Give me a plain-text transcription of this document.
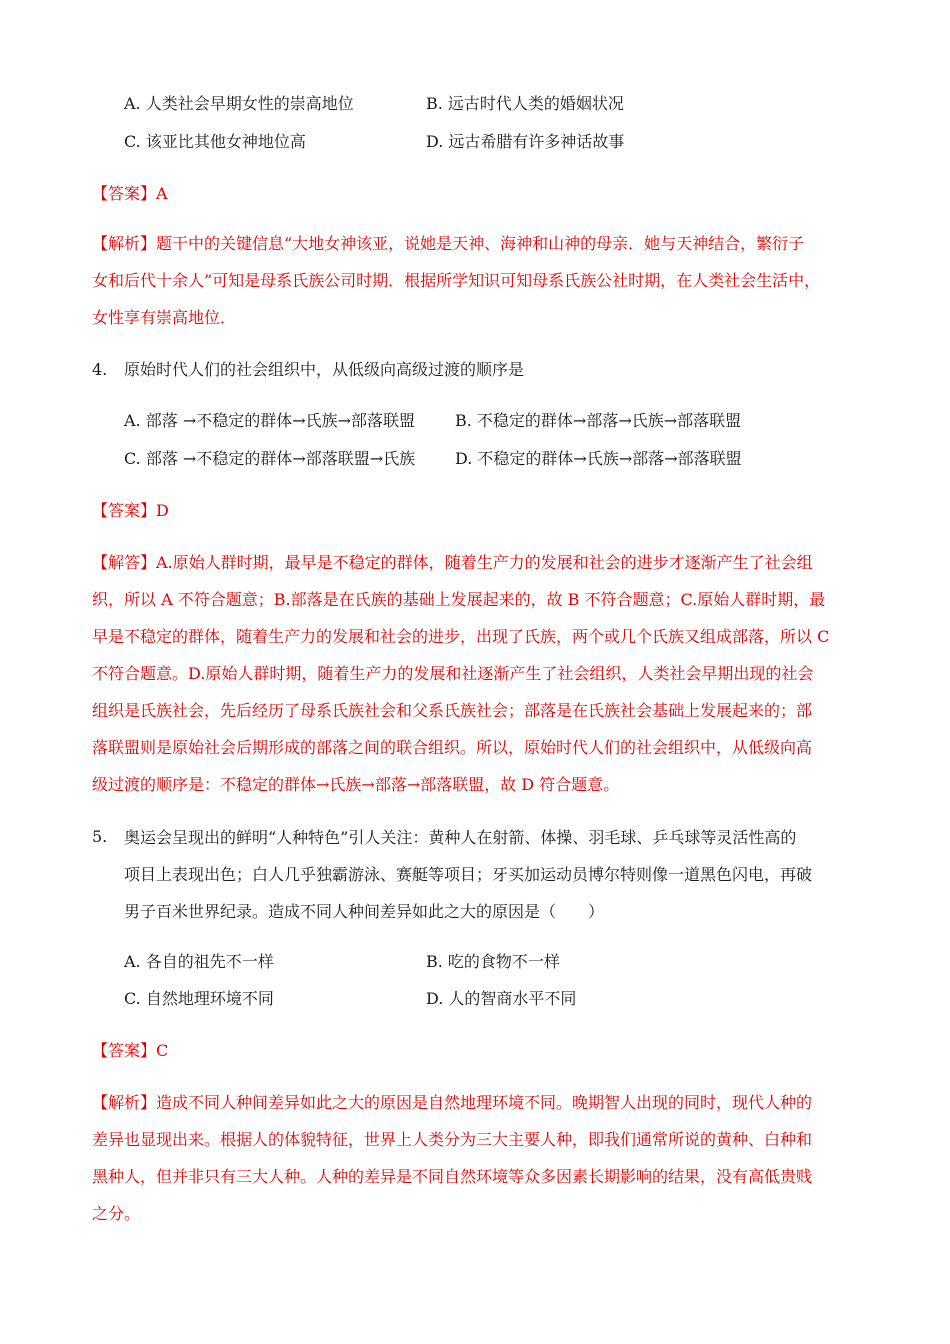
A. 人类社会早期女性的崇高地位	B. 远古时代人类的婚姻状况
C. 该亚比其他女神地位高	D. 远古希腊有许多神话故事
【答案】A

【解析】题干中的关键信息“大地女神该亚，说她是天神、海神和山神的母亲．她与天神结合，繁衍子

女和后代十余人”可知是母系氏族公司时期．根据所学知识可知母系氏族公社时期，在人类社会生活中，

女性享有崇高地位．

4. 原始时代人们的社会组织中，从低级向高级过渡的顺序是
A. 部落 →不稳定的群体→氏族→部落联盟 B. 不稳定的群体→部落→氏族→部落联盟
C. 部落 →不稳定的群体→部落联盟→氏族 D. 不稳定的群体→氏族→部落→部落联盟
【答案】D

【解答】A.原始人群时期，最早是不稳定的群体，随着生产力的发展和社会的进步才逐渐产生了社会组

织，所以 A 不符合题意；B.部落是在氏族的基础上发展起来的，故 B 不符合题意；C.原始人群时期，最

早是不稳定的群体，随着生产力的发展和社会的进步，出现了氏族，两个或几个氏族又组成部落，所以 C

不符合题意。D.原始人群时期，随着生产力的发展和社逐渐产生了社会组织，人类社会早期出现的社会

组织是氏族社会，先后经历了母系氏族社会和父系氏族社会；部落是在氏族社会基础上发展起来的；部

落联盟则是原始社会后期形成的部落之间的联合组织。所以，原始时代人们的社会组织中，从低级向高

级过渡的顺序是：不稳定的群体→氏族→部落→部落联盟，故 D 符合题意。

5. 奥运会呈现出的鲜明“人种特色”引人关注：黄种人在射箭、体操、羽毛球、乒乓球等灵活性高的

项目上表现出色；白人几乎独霸游泳、赛艇等项目；牙买加运动员博尔特则像一道黑色闪电，再破

男子百米世界纪录。造成不同人种间差异如此之大的原因是（　　）

A. 各自的祖先不一样	B. 吃的食物不一样
C. 自然地理环境不同	D. 人的智商水平不同
【答案】C

【解析】造成不同人种间差异如此之大的原因是自然地理环境不同。晚期智人出现的同时，现代人种的

差异也显现出来。根据人的体貌特征，世界上人类分为三大主要人种，即我们通常所说的黄种、白种和

黑种人，但并非只有三大人种。人种的差异是不同自然环境等众多因素长期影响的结果，没有高低贵贱

之分。
